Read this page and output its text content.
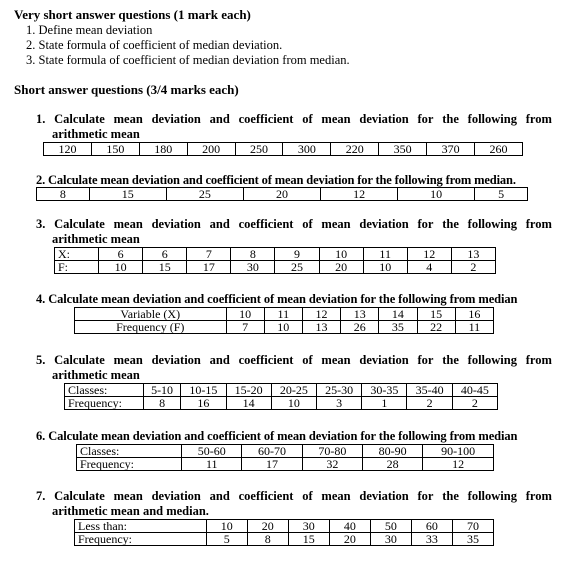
Very short answer questions (1 mark each)
1. Define mean deviation
2. State formula of coefficient of median deviation.
3. State formula of coefficient of median deviation from median.
Short answer questions (3/4 marks each)
1. Calculate mean deviation and coefficient of mean deviation for the following from
arithmetic mean
120	150	180	200	250	300	220	350	370	260
2. Calculate mean deviation and coefficient of mean deviation for the following from median.
8	15	25	20	12	10	5
3. Calculate mean deviation and coefficient of mean deviation for the following from
arithmetic mean
X:	6	6	7	8	9	10	11	12	13
F:	10	15	17	30	25	20	10	4	2
4. Calculate mean deviation and coefficient of mean deviation for the following from median
Variable (X)	10	11	12	13	14	15	16
Frequency (F)	7	10	13	26	35	22	11
5. Calculate mean deviation and coefficient of mean deviation for the following from
arithmetic mean
Classes:	5-10	10-15	15-20	20-25	25-30	30-35	35-40	40-45
Frequency:	8	16	14	10	3	1	2	2
6. Calculate mean deviation and coefficient of mean deviation for the following from median
Classes:	50-60	60-70	70-80	80-90	90-100
Frequency:	11	17	32	28	12
7. Calculate mean deviation and coefficient of mean deviation for the following from
arithmetic mean and median.
Less than:	10	20	30	40	50	60	70
Frequency:	5	8	15	20	30	33	35
